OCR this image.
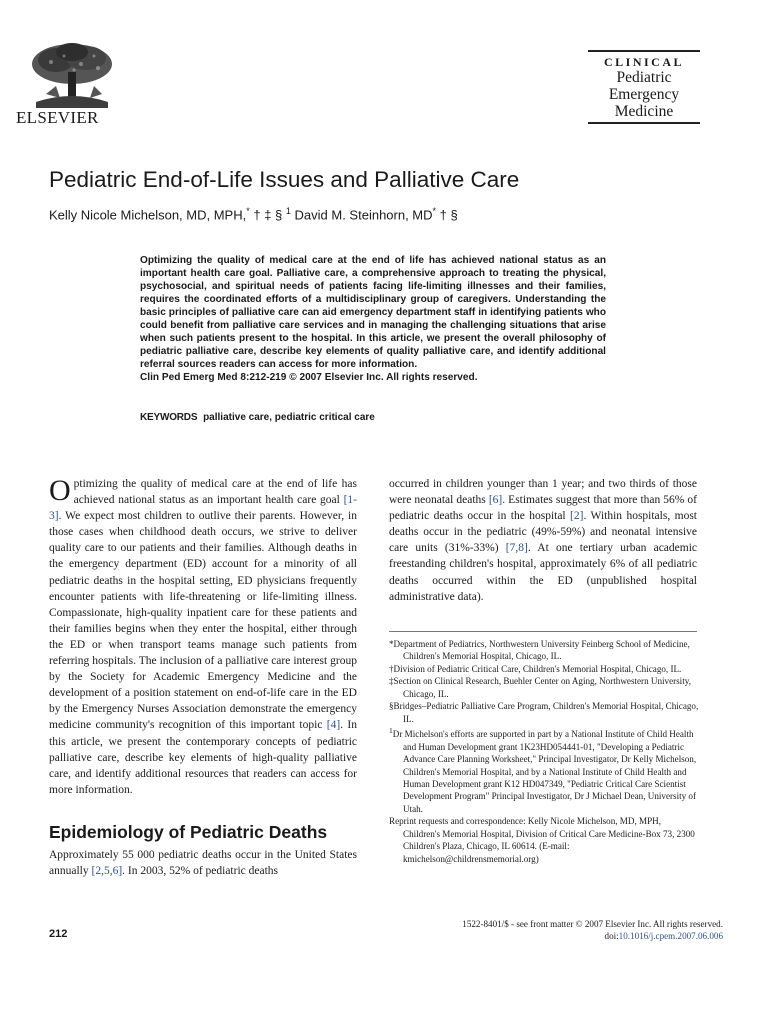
ELSEVIER
CLINICAL
Pediatric
Emergency
Medicine
Pediatric End-of-Life Issues and Palliative Care
Kelly Nicole Michelson, MD, MPH,* † ‡ § $^1$ David M. Steinhorn, MD* † §
Optimizing the quality of medical care at the end of life has achieved national status as an important health care goal. Palliative care, a comprehensive approach to treating the physical, psychosocial, and spiritual needs of patients facing life-limiting illnesses and their families, requires the coordinated efforts of a multidisciplinary group of caregivers. Understanding the basic principles of palliative care can aid emergency department staff in identifying patients who could benefit from palliative care services and in managing the challenging situations that arise when such patients present to the hospital. In this article, we present the overall philosophy of pediatric palliative care, describe key elements of quality palliative care, and identify additional referral sources readers can access for more information.
Clin Ped Emerg Med 8:212-219 © 2007 Elsevier Inc. All rights reserved.
KEYWORDS palliative care, pediatric critical care

Optimizing the quality of medical care at the end of life has achieved national status as an important health care goal [1-3]. We expect most children to outlive their parents. However, in those cases when childhood death occurs, we strive to deliver quality care to our patients and their families. Although deaths in the emergency department (ED) account for a minority of all pediatric deaths in the hospital setting, ED physicians frequently encounter patients with life-threatening or life-limiting illness. Compassionate, high-quality inpatient care for these patients and their families begins when they enter the hospital, either through the ED or when transport teams manage such patients from referring hospitals. The inclusion of a palliative care interest group by the Society for Academic Emergency Medicine and the development of a position statement on end-of-life care in the ED by the Emergency Nurses Association demonstrate the emergency medicine community's recognition of this important topic [4]. In this article, we present the contemporary concepts of pediatric palliative care, describe key elements of high-quality palliative care, and identify additional resources that readers can access for more information.

Epidemiology of Pediatric Deaths

Approximately 55 000 pediatric deaths occur in the United States annually [2,5,6]. In 2003, 52% of pediatric deaths

occurred in children younger than 1 year; and two thirds of those were neonatal deaths [6]. Estimates suggest that more than 56% of pediatric deaths occur in the hospital [2]. Within hospitals, most deaths occur in the pediatric (49%-59%) and neonatal intensive care units (31%-33%) [7,8]. At one tertiary urban academic freestanding children's hospital, approximately 6% of all pediatric deaths occurred within the ED (unpublished hospital administrative data).

*Department of Pediatrics, Northwestern University Feinberg School of Medicine, Children's Memorial Hospital, Chicago, IL.
†Division of Pediatric Critical Care, Children's Memorial Hospital, Chicago, IL.
‡Section on Clinical Research, Buehler Center on Aging, Northwestern University, Chicago, IL.
§Bridges–Pediatric Palliative Care Program, Children's Memorial Hospital, Chicago, IL.
$^1$Dr Michelson's efforts are supported in part by a National Institute of Child Health and Human Development grant 1K23HD054441-01, "Developing a Pediatric Advance Care Planning Worksheet," Principal Investigator, Dr Kelly Michelson, Children's Memorial Hospital, and by a National Institute of Child Health and Human Development grant K12 HD047349, "Pediatric Critical Care Scientist Development Program" Principal Investigator, Dr J Michael Dean, University of Utah.
Reprint requests and correspondence: Kelly Nicole Michelson, MD, MPH, Children's Memorial Hospital, Division of Critical Care Medicine-Box 73, 2300 Children's Plaza, Chicago, IL 60614. (E-mail: kmichelson@childrensmemorial.org)
212
1522-8401/$ - see front matter © 2007 Elsevier Inc. All rights reserved.
doi:10.1016/j.cpem.2007.06.006
